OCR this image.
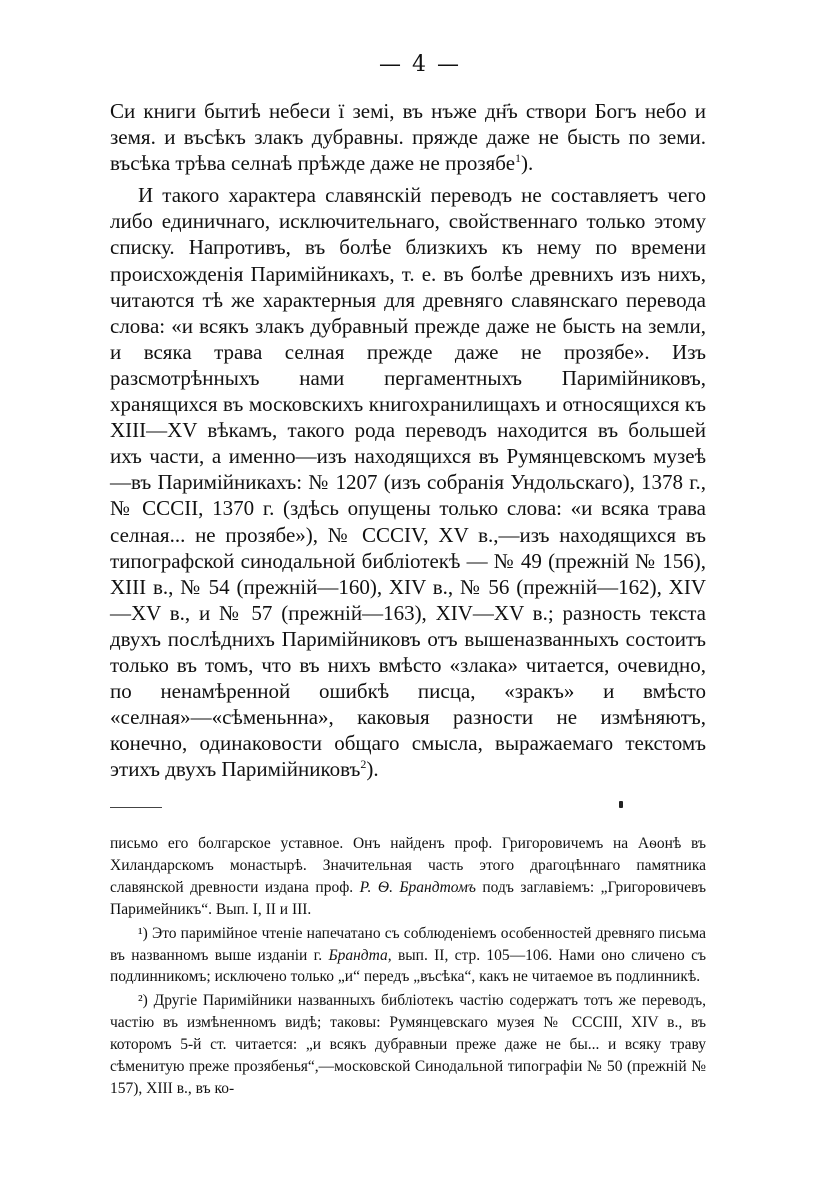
— 4 —

Си книги бытиѣ небеси ї земі, въ нъже дн҃ъ створи Богъ небо и земя. и въсѣкъ злакъ дубравны. пряжде даже не бысть по земи. въсѣка трѣва селнаѣ прѣжде даже не прозябе$^1$).

И такого характера славянскій переводъ не составляетъ чего либо единичнаго, исключительнаго, свойственнаго только этому списку. Напротивъ, въ болѣе близкихъ къ нему по времени происхожденія Паримійникахъ, т. е. въ болѣе древнихъ изъ нихъ, читаются тѣ же характерныя для древняго славянскаго перевода слова: «и всякъ злакъ дубравный прежде даже не бысть на земли, и всяка трава селная прежде даже не прозябе». Изъ разсмотрѣнныхъ нами пергаментныхъ Паримійниковъ, хранящихся въ московскихъ книгохранилищахъ и относящихся къ XIII—XV вѣкамъ, такого рода переводъ находится въ большей ихъ части, а именно—изъ находящихся въ Румянцевскомъ музеѣ—въ Паримійникахъ: № 1207 (изъ собранія Ундольскаго), 1378 г., № СССII, 1370 г. (здѣсь опущены только слова: «и всяка трава селная... не прозябе»), № СССIV, XV в.,—изъ находящихся въ типографской синодальной библіотекѣ — № 49 (прежній № 156), XIII в., № 54 (прежній—160), XIV в., № 56 (прежній—162), XIV—XV в., и № 57 (прежній—163), XIV—XV в.; разность текста двухъ послѣднихъ Паримійниковъ отъ вышеназванныхъ состоитъ только въ томъ, что въ нихъ вмѣсто «злака» читается, очевидно, по ненамѣренной ошибкѣ писца, «зракъ» и вмѣсто «селная»—«сѣменьнна», каковыя разности не измѣняютъ, конечно, одинаковости общаго смысла, выражаемаго текстомъ этихъ двухъ Паримійниковъ$^2$).

письмо его болгарское уставное. Онъ найденъ проф. Григоровичемъ на Аѳонѣ въ Хиландарскомъ монастырѣ. Значительная часть этого драгоцѣннаго памятника славянской древности издана проф. Р. Ѳ. Брандтомъ подъ заглавіемъ: „Григоровичевъ Паримейникъ“. Вып. I, II и III.

¹) Это паримійное чтеніе напечатано съ соблюденіемъ особенностей древняго письма въ названномъ выше изданіи г. Брандта, вып. II, стр. 105—106. Нами оно сличено съ подлинникомъ; исключено только „и“ передъ „въсѣка“, какъ не читаемое въ подлинникѣ.

²) Другіе Паримійники названныхъ библіотекъ частію содержатъ тотъ же переводъ, частію въ измѣненномъ видѣ; таковы: Румянцевскаго музея № СССIII, XIV в., въ которомъ 5-й ст. читается: „и всякъ дубравныи преже даже не бы... и всяку траву сѣменитую преже прозябенья“,—московской Синодальной типографіи № 50 (прежній № 157), XIII в., въ ко-
